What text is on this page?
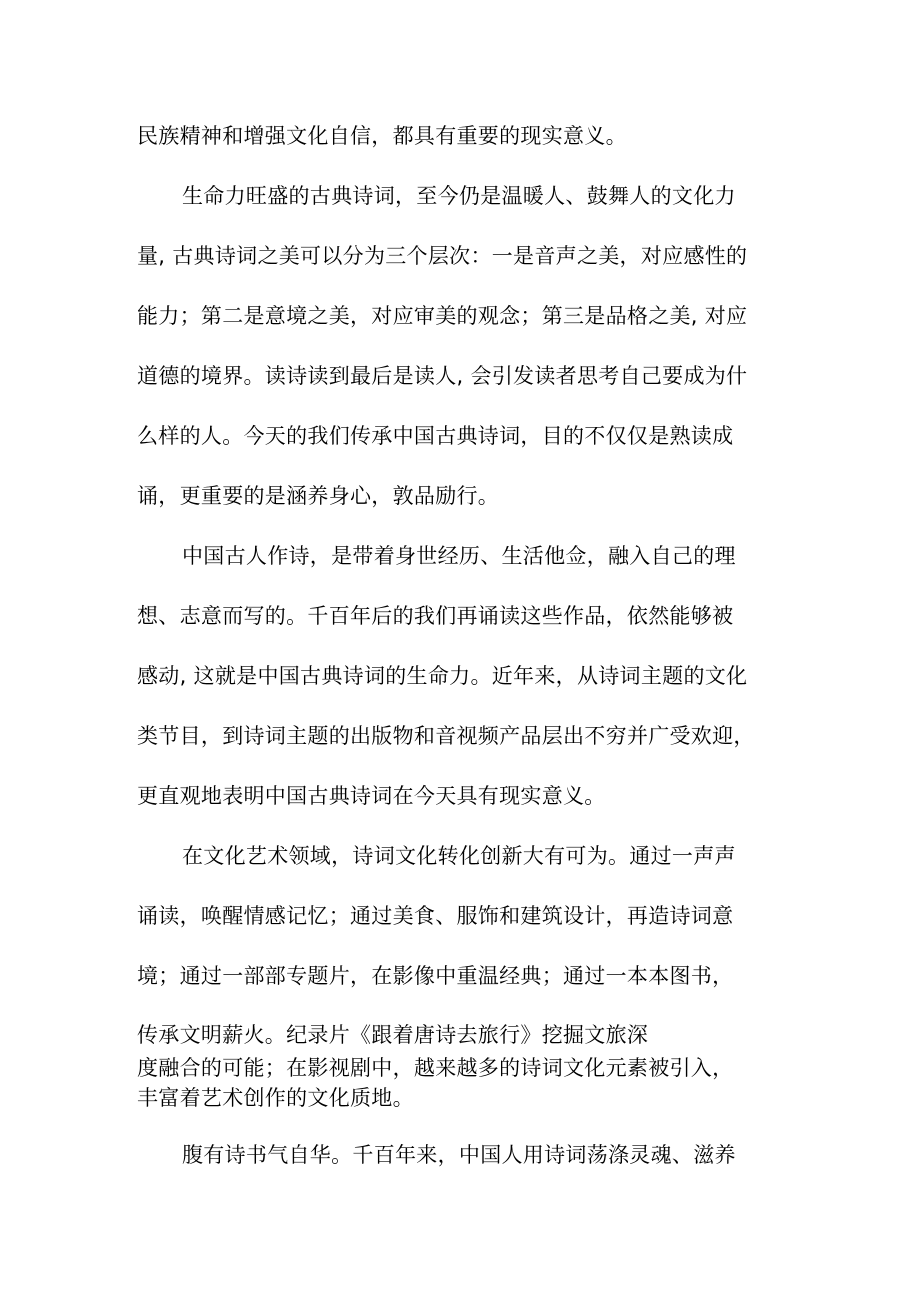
民族精神和增强文化自信，都具有重要的现实意义。
生命力旺盛的古典诗词，至今仍是温暖人、鼓舞人的文化力
量, 古典诗词之美可以分为三个层次：一是音声之美，对应感性的
能力；第二是意境之美，对应审美的观念；第三是品格之美, 对应
道德的境界。读诗读到最后是读人, 会引发读者思考自己要成为什
么样的人。今天的我们传承中国古典诗词，目的不仅仅是熟读成
诵，更重要的是涵养身心，敦品励行。
中国古人作诗，是带着身世经历、生活他佥，融入自己的理
想、志意而写的。千百年后的我们再诵读这些作品，依然能够被
感动, 这就是中国古典诗词的生命力。近年来，从诗词主题的文化
类节目，到诗词主题的出版物和音视频产品层出不穷并广受欢迎，
更直观地表明中国古典诗词在今天具有现实意义。
在文化艺术领域，诗词文化转化创新大有可为。通过一声声
诵读，唤醒情感记忆；通过美食、服饰和建筑设计，再造诗词意
境；通过一部部专题片，在影像中重温经典；通过一本本图书，
传承文明薪火。纪录片《跟着唐诗去旅行》挖掘文旅深
度融合的可能；在影视剧中，越来越多的诗词文化元素被引入，
丰富着艺术创作的文化质地。
腹有诗书气自华。千百年来，中国人用诗词荡涤灵魂、滋养
